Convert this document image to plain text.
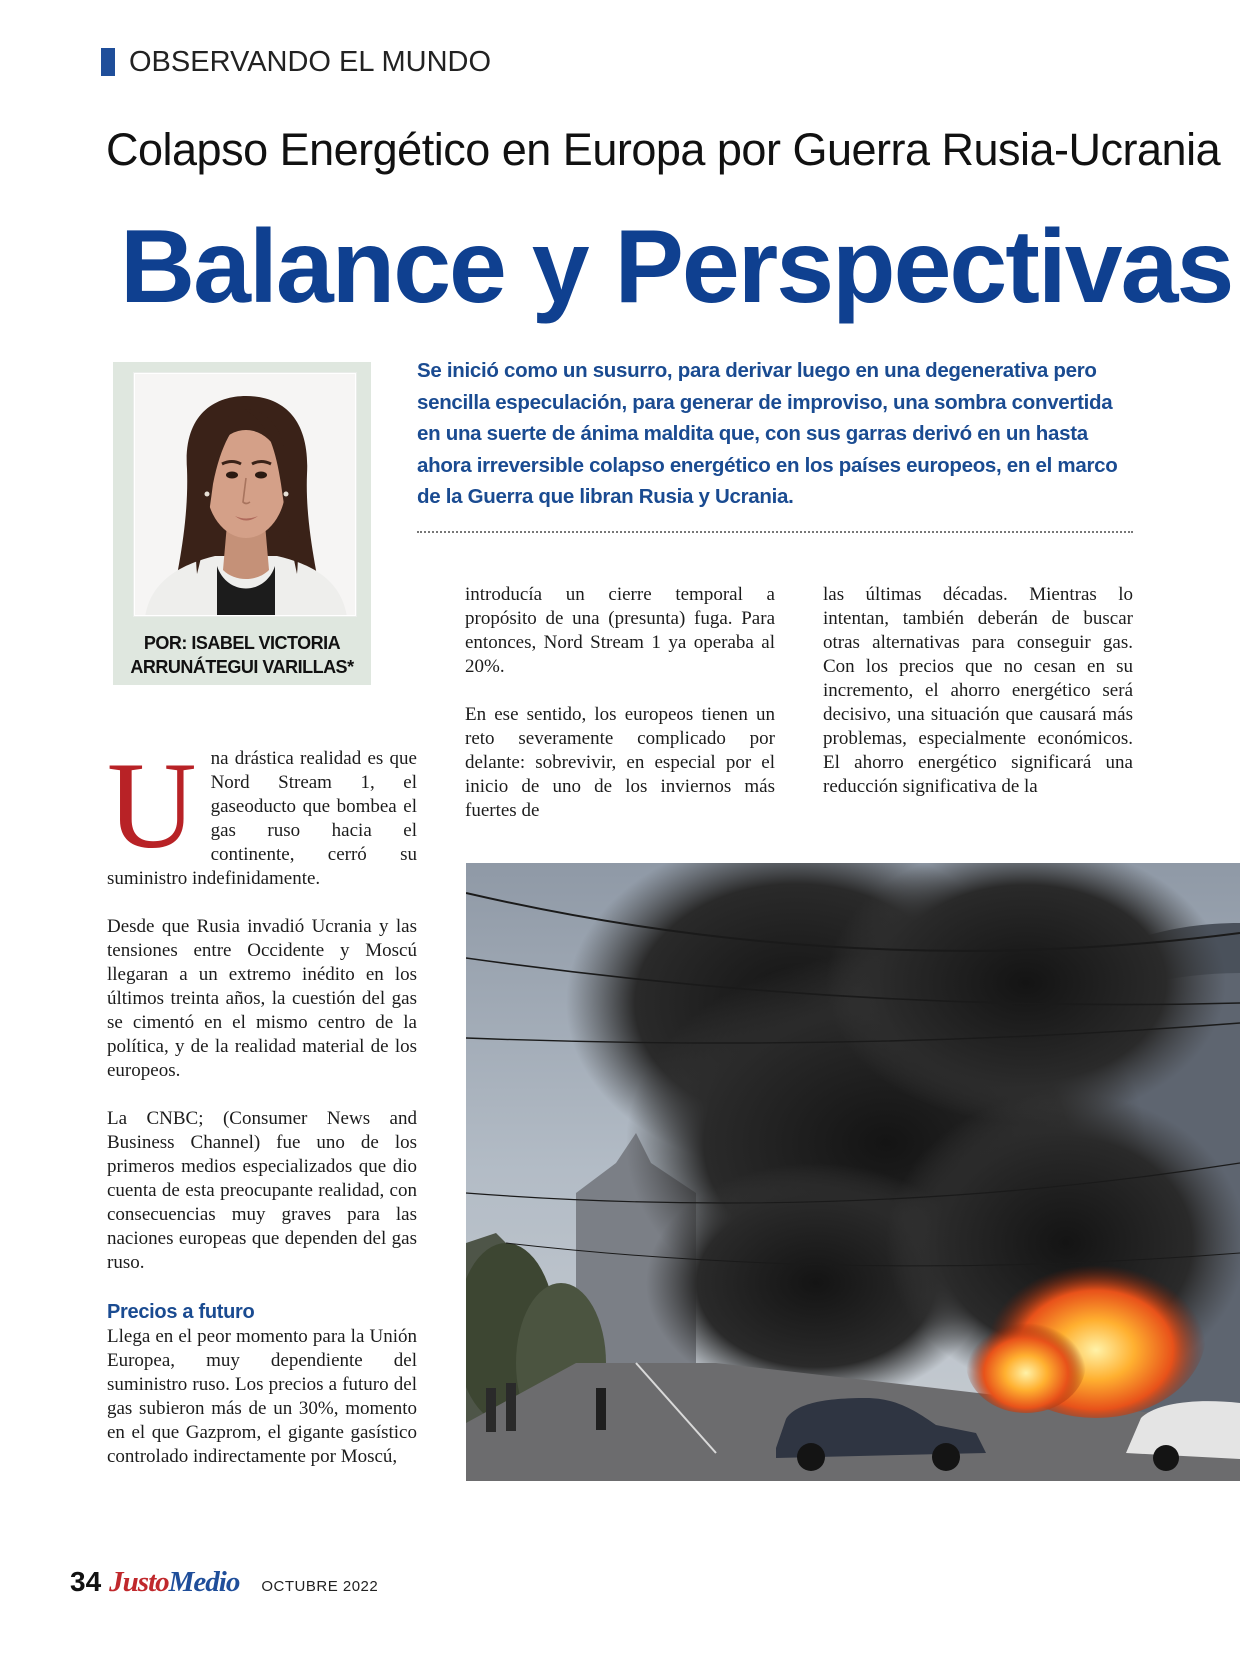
OBSERVANDO EL MUNDO
Colapso Energético en Europa por Guerra Rusia-Ucrania
Balance y Perspectivas
POR: ISABEL VICTORIA
ARRUNÁTEGUI VARILLAS*
Se inició como un susurro, para derivar luego en una degenerativa pero sencilla especulación, para generar de improviso, una sombra convertida en una suerte de ánima maldita que, con sus garras derivó en un hasta ahora irreversible colapso energético en los países europeos, en el marco de la Guerra que libran Rusia y Ucrania.

Una drástica realidad es que Nord Stream 1, el gaseoducto que bombea el gas ruso hacia el continente, cerró su suministro indefinidamente.

Desde que Rusia invadió Ucrania y las tensiones entre Occidente y Moscú llegaran a un extremo inédito en los últimos treinta años, la cuestión del gas se cimentó en el mismo centro de la política, y de la realidad material de los europeos.

La CNBC; (Consumer News and Business Channel) fue uno de los primeros medios especializados que dio cuenta de esta preocupante realidad, con consecuencias muy graves para las naciones europeas que dependen del gas ruso.

Precios a futuro

Llega en el peor momento para la Unión Europea, muy dependiente del suministro ruso. Los precios a futuro del gas subieron más de un 30%, momento en el que Gazprom, el gigante gasístico controlado indirectamente por Moscú,

introducía un cierre temporal a propósito de una (presunta) fuga. Para entonces, Nord Stream 1 ya operaba al 20%.

En ese sentido, los europeos tienen un reto severamente complicado por delante: sobrevivir, en especial por el inicio de uno de los inviernos más fuertes de

las últimas décadas. Mientras lo intentan, también deberán de buscar otras alternativas para conseguir gas. Con los precios que no cesan en su incremento, el ahorro energético será decisivo, una situación que causará más problemas, especialmente económicos. El ahorro energético significará una reducción significativa de la

34 Justo Medio OCTUBRE 2022
